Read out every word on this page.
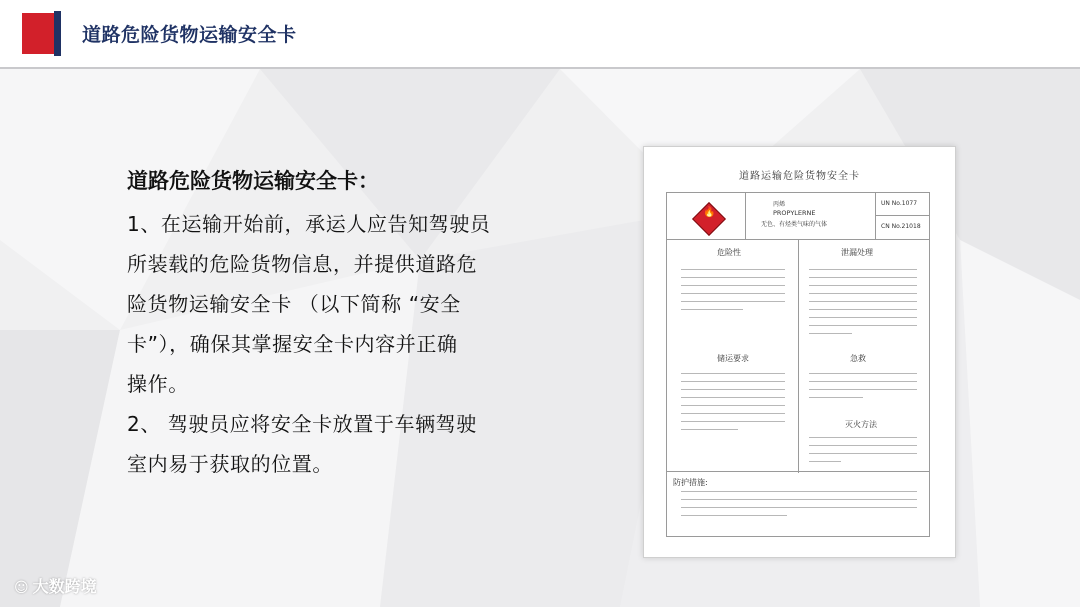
道路危险货物运输安全卡
道路危险货物运输安全卡：
1、在运输开始前，承运人应告知驾驶员
所装载的危险货物信息，并提供道路危
险货物运输安全卡 （以下简称 “安全
卡”），确保其掌握安全卡内容并正确
操作。
2、 驾驶员应将安全卡放置于车辆驾驶
室内易于获取的位置。
道路运输危险货物安全卡
🔥
丙烯
PROPYLERNE
无色、有烃类气味的气体
UN No.1077
CN No.21018
危险性	泄漏处理
储运要求	急救
灭火方法
防护措施:
☺ 大数跨境
